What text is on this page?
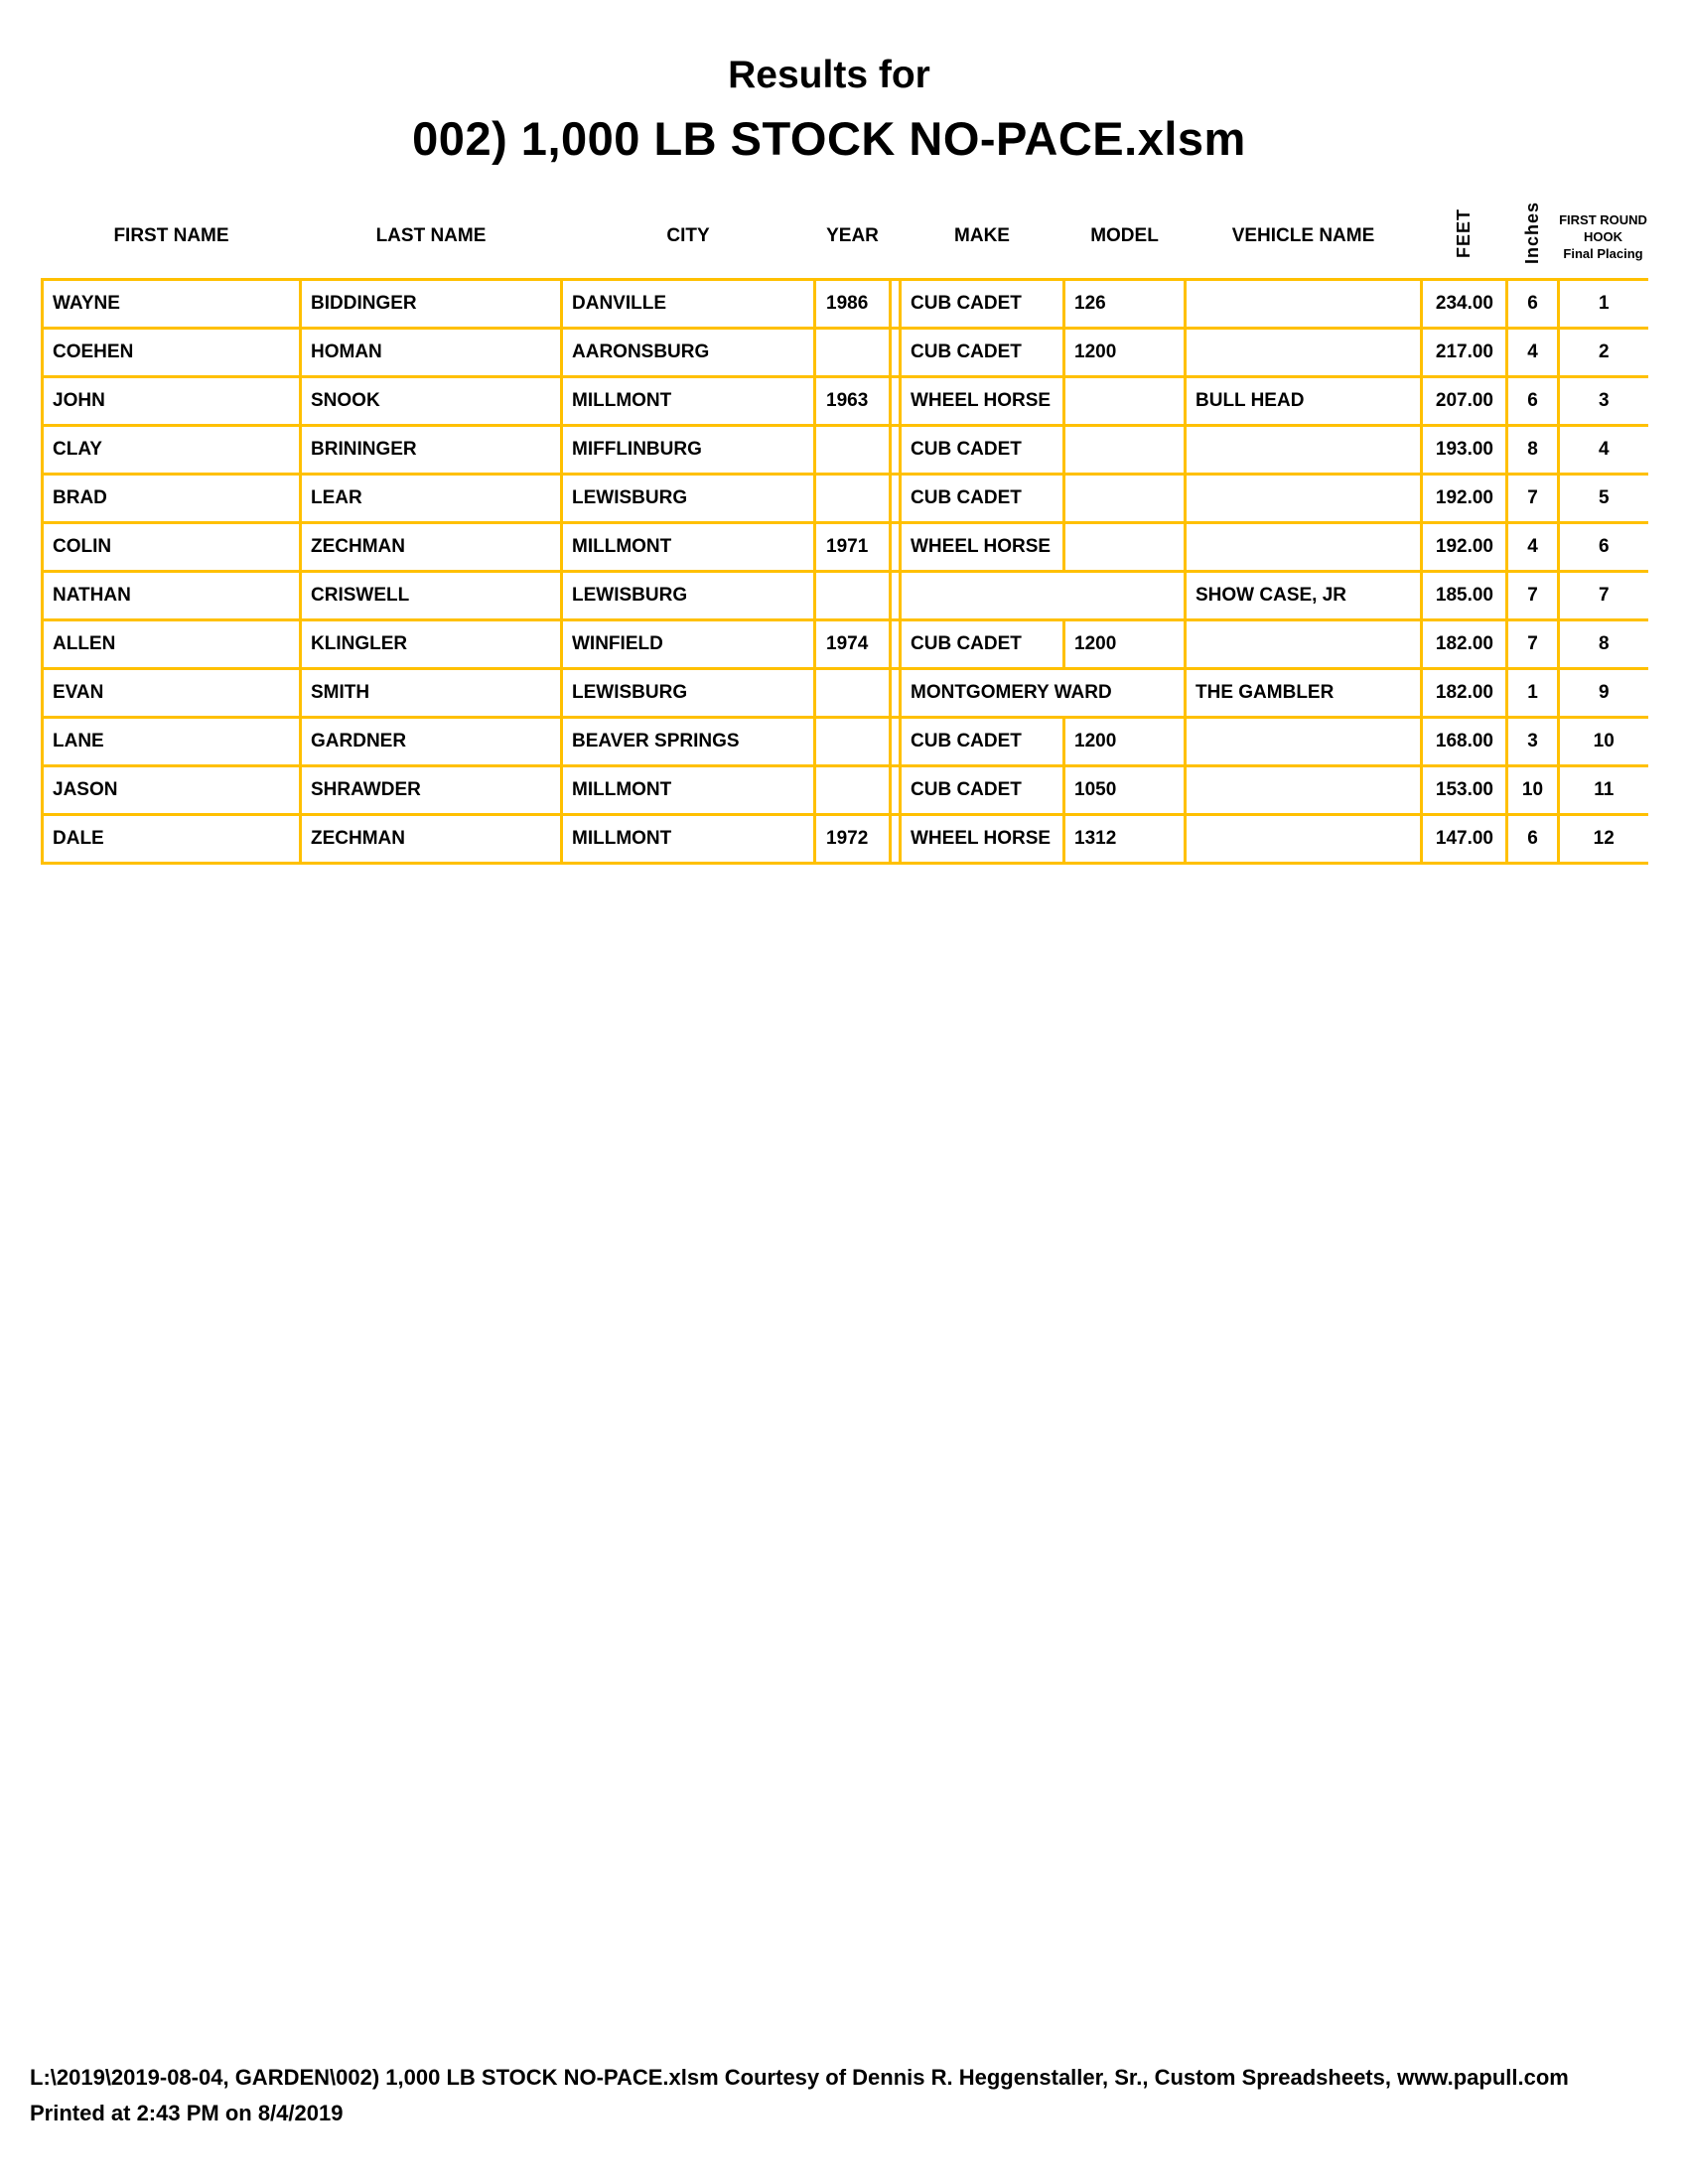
Results for
002) 1,000 LB STOCK NO-PACE.xlsm
FIRST NAME	LAST NAME	CITY	YEAR		MAKE	MODEL	VEHICLE NAME	FEET	Inches	FIRST ROUND
HOOK
Final Placing

WAYNE	BIDDINGER	DANVILLE	1986		CUB CADET	126		234.00	6	1
COEHEN	HOMAN	AARONSBURG			CUB CADET	1200		217.00	4	2
JOHN	SNOOK	MILLMONT	1963		WHEEL HORSE		BULL HEAD	207.00	6	3
CLAY	BRININGER	MIFFLINBURG			CUB CADET			193.00	8	4
BRAD	LEAR	LEWISBURG			CUB CADET			192.00	7	5
COLIN	ZECHMAN	MILLMONT	1971		WHEEL HORSE			192.00	4	6
NATHAN	CRISWELL	LEWISBURG					SHOW CASE, JR	185.00	7	7
ALLEN	KLINGLER	WINFIELD	1974		CUB CADET	1200		182.00	7	8
EVAN	SMITH	LEWISBURG			MONTGOMERY WARD		THE GAMBLER	182.00	1	9
LANE	GARDNER	BEAVER SPRINGS			CUB CADET	1200		168.00	3	10
JASON	SHRAWDER	MILLMONT			CUB CADET	1050		153.00	10	11
DALE	ZECHMAN	MILLMONT	1972		WHEEL HORSE	1312		147.00	6	12
L:\2019\2019-08-04, GARDEN\002) 1,000 LB STOCK NO-PACE.xlsm Courtesy of Dennis R. Heggenstaller, Sr., Custom Spreadsheets, www.papull.com
Printed at 2:43 PM on 8/4/2019
